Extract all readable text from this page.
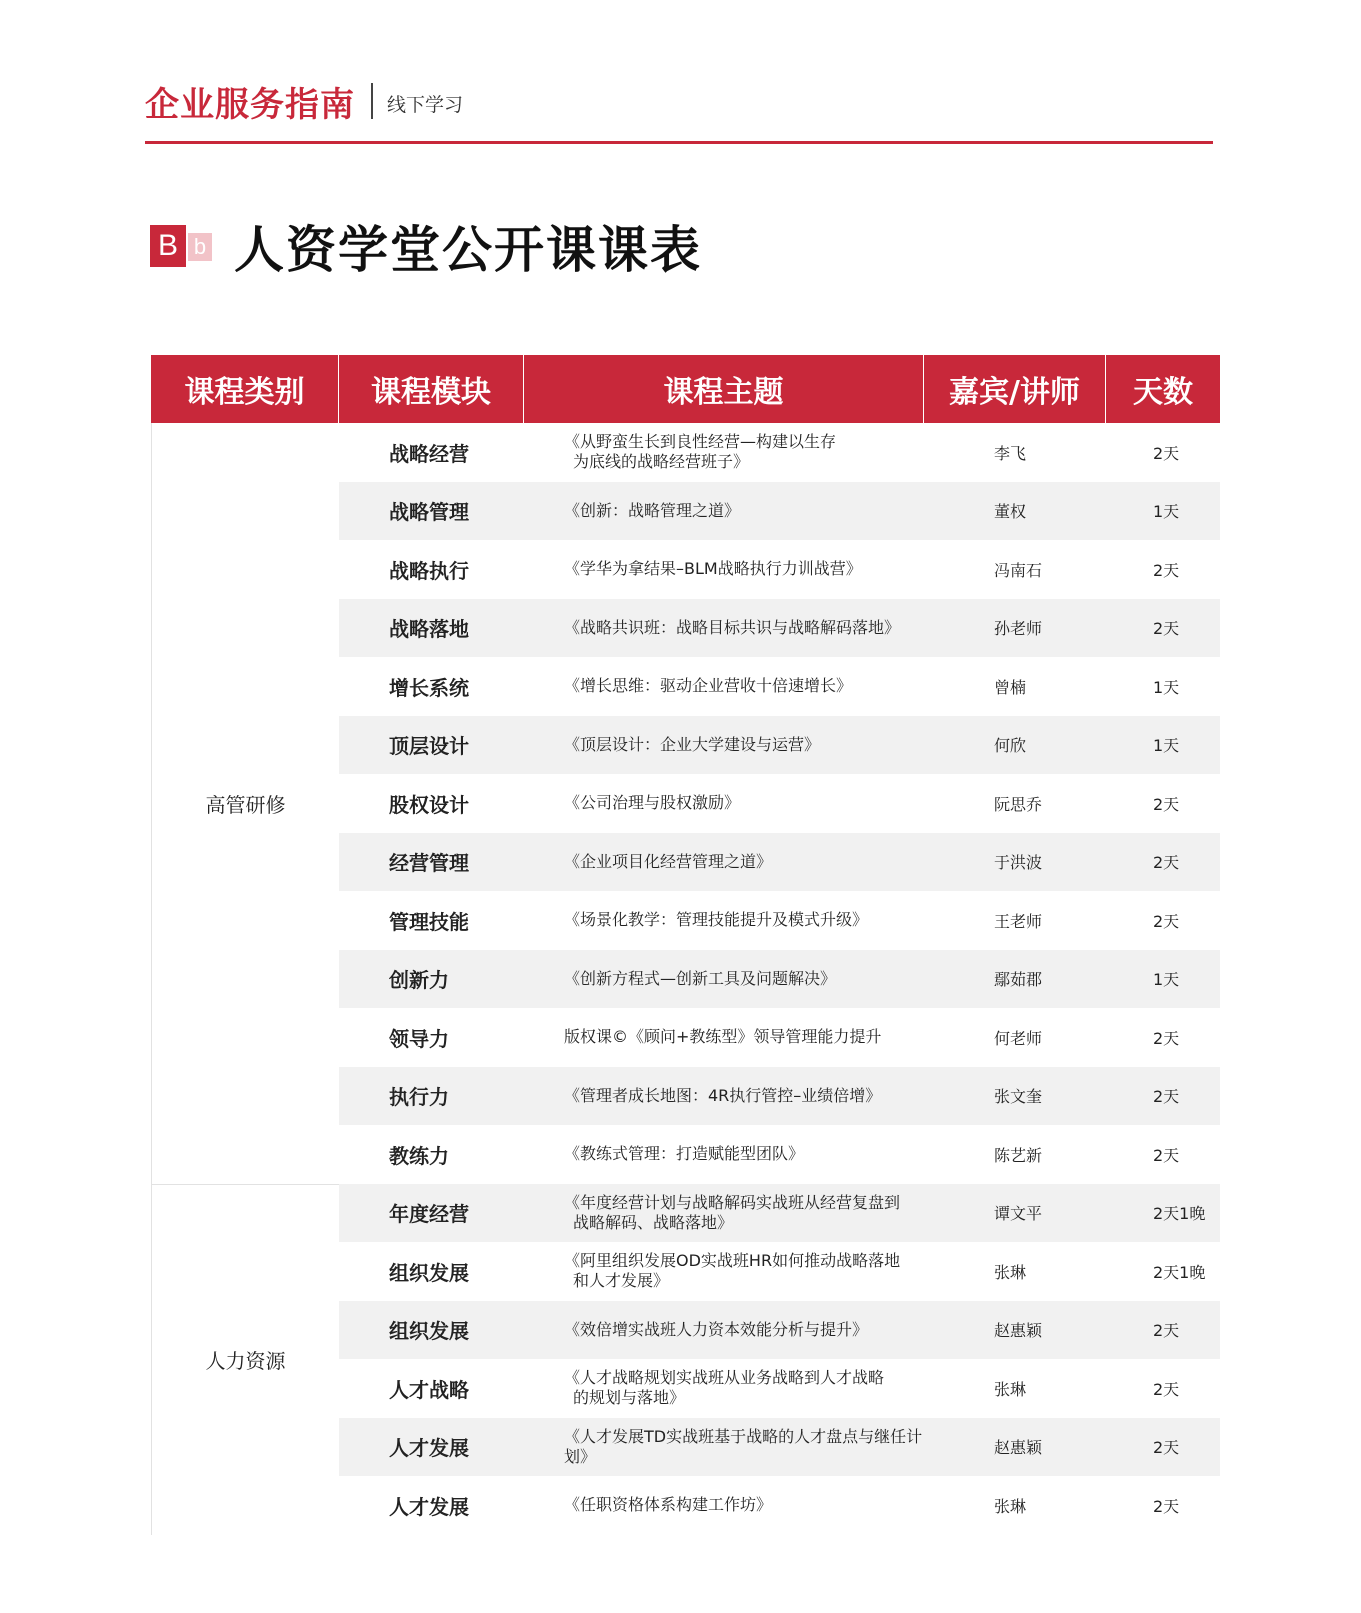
企业服务指南 线下学习
B b 人资学堂公开课课表
课程类别	课程模块	课程主题	嘉宾/讲师	天数
高管研修
战略经营	《从野蛮生长到良性经营—构建以生存
为底线的战略经营班子》	李飞	2天
战略管理	《创新：战略管理之道》	董权	1天
战略执行	《学华为拿结果–BLM战略执行力训战营》	冯南石	2天
战略落地	《战略共识班：战略目标共识与战略解码落地》	孙老师	2天
增长系统	《增长思维：驱动企业营收十倍速增长》	曾楠	1天
顶层设计	《顶层设计：企业大学建设与运营》	何欣	1天
股权设计	《公司治理与股权激励》	阮思乔	2天
经营管理	《企业项目化经营管理之道》	于洪波	2天
管理技能	《场景化教学：管理技能提升及模式升级》	王老师	2天
创新力	《创新方程式—创新工具及问题解决》	鄢茹郡	1天
领导力	版权课©《顾问+教练型》领导管理能力提升	何老师	2天
执行力	《管理者成长地图：4R执行管控–业绩倍增》	张文奎	2天
教练力	《教练式管理：打造赋能型团队》	陈艺新	2天
人力资源
年度经营	《年度经营计划与战略解码实战班从经营复盘到
战略解码、战略落地》	谭文平	2天1晚
组织发展	《阿里组织发展OD实战班HR如何推动战略落地
和人才发展》	张琳	2天1晚
组织发展	《效倍增实战班人力资本效能分析与提升》	赵惠颖	2天
人才战略	《人才战略规划实战班从业务战略到人才战略
的规划与落地》	张琳	2天
人才发展	《人才发展TD实战班基于战略的人才盘点与继任计划》	赵惠颖	2天
人才发展	《任职资格体系构建工作坊》	张琳	2天
